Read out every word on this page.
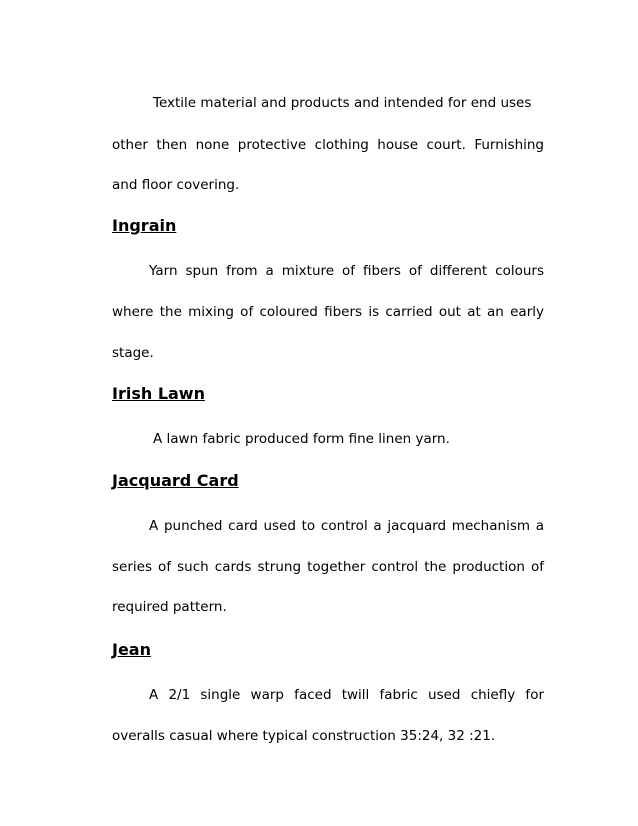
Textile material and products and intended for end uses
other then none protective clothing house court. Furnishing
and floor covering.
Ingrain
Yarn spun from a mixture of fibers of different colours
where the mixing of coloured fibers is carried out at an early
stage.
Irish Lawn
A lawn fabric produced form fine linen yarn.
Jacquard Card
A punched card used to control a jacquard mechanism a
series of such cards strung together control the production of
required pattern.
Jean
A 2/1 single warp faced twill fabric used chiefly for
overalls casual where typical construction 35:24, 32 :21.
